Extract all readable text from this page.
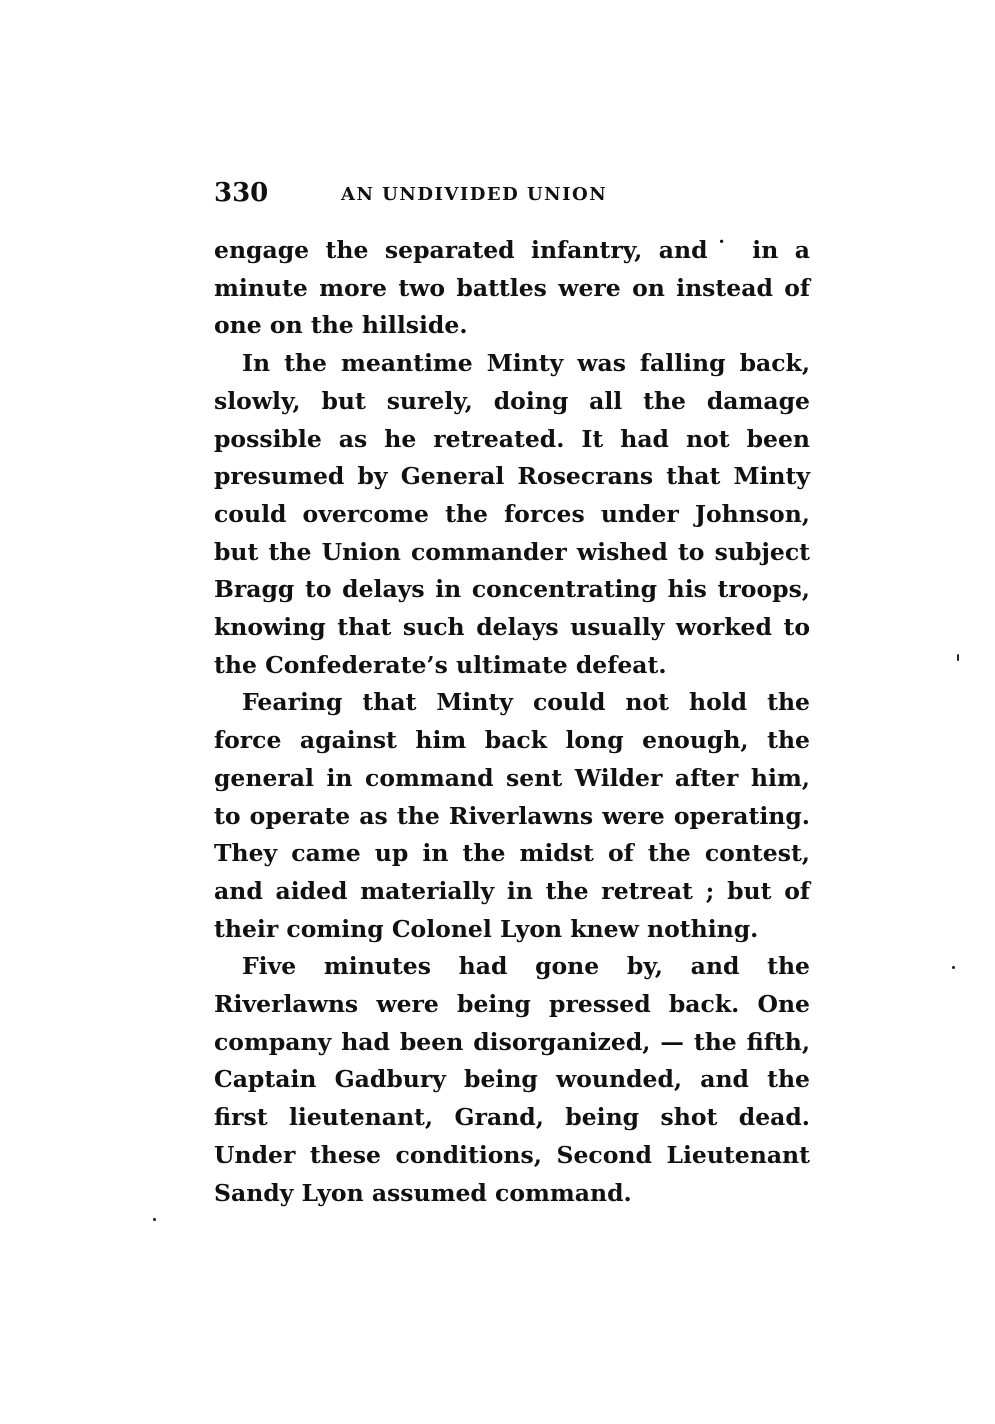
330	AN UNDIVIDED UNION

engage the separated infantry, and˙ in a minute more two battles were on instead of one on the hillside.

In the meantime Minty was falling back, slowly, but surely, doing all the damage possible as he retreated. It had not been presumed by General Rosecrans that Minty could overcome the forces under Johnson, but the Union commander wished to subject Bragg to delays in concentrating his troops, knowing that such delays usually worked to the Confederate’s ultimate defeat.

Fearing that Minty could not hold the force against him back long enough, the general in command sent Wilder after him, to operate as the Riverlawns were operating. They came up in the midst of the contest, and aided materially in the retreat ; but of their coming Colonel Lyon knew nothing.

Five minutes had gone by, and the Riverlawns were being pressed back. One company had been disorganized, — the fifth, Captain Gadbury being wounded, and the first lieutenant, Grand, being shot dead. Under these conditions, Second Lieutenant Sandy Lyon assumed command.
